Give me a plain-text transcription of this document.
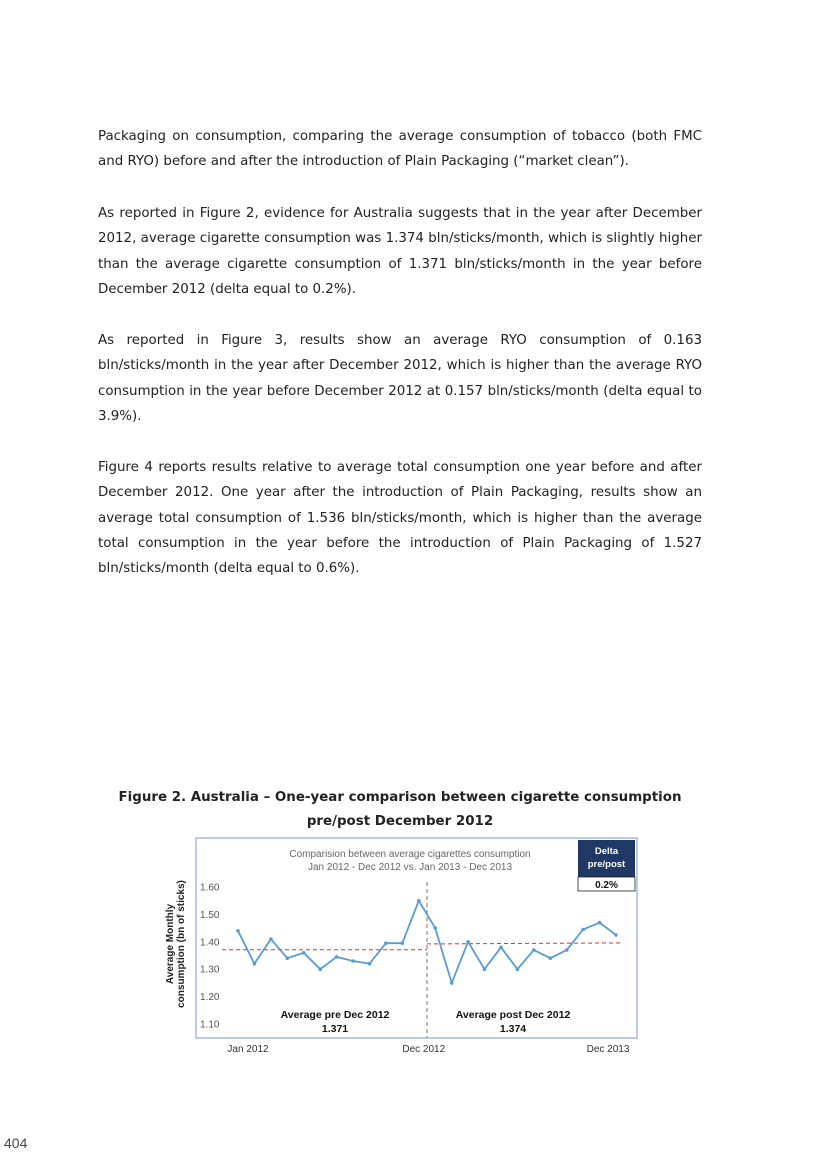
Packaging on consumption, comparing the average consumption of tobacco (both FMC and RYO) before and after the introduction of Plain Packaging (“market clean”).

As reported in Figure 2, evidence for Australia suggests that in the year after December 2012, average cigarette consumption was 1.374 bln/sticks/month, which is slightly higher than the average cigarette consumption of 1.371 bln/sticks/month in the year before December 2012 (delta equal to 0.2%).

As reported in Figure 3, results show an average RYO consumption of 0.163 bln/sticks/month in the year after December 2012, which is higher than the average RYO consumption in the year before December 2012 at 0.157 bln/sticks/month (delta equal to 3.9%).

Figure 4 reports results relative to average total consumption one year before and after December 2012. One year after the introduction of Plain Packaging, results show an average total consumption of 1.536 bln/sticks/month, which is higher than the average total consumption in the year before the introduction of Plain Packaging of 1.527 bln/sticks/month (delta equal to 0.6%).

Figure 2. Australia – One-year comparison between cigarette consumption
pre/post December 2012
Comparision between average cigarettes consumption
Jan 2012 - Dec 2012 vs. Jan 2013 - Dec 2013
Average Monthly consumption (bn of sticks) 1.60
1.50
1.40
1.30
1.20
1.10
Average pre Dec 2012
1.371
Average post Dec 2012
1.374
Delta
pre/post
0.2%
Jan 2012	Dec 2012	Dec 2013
404
